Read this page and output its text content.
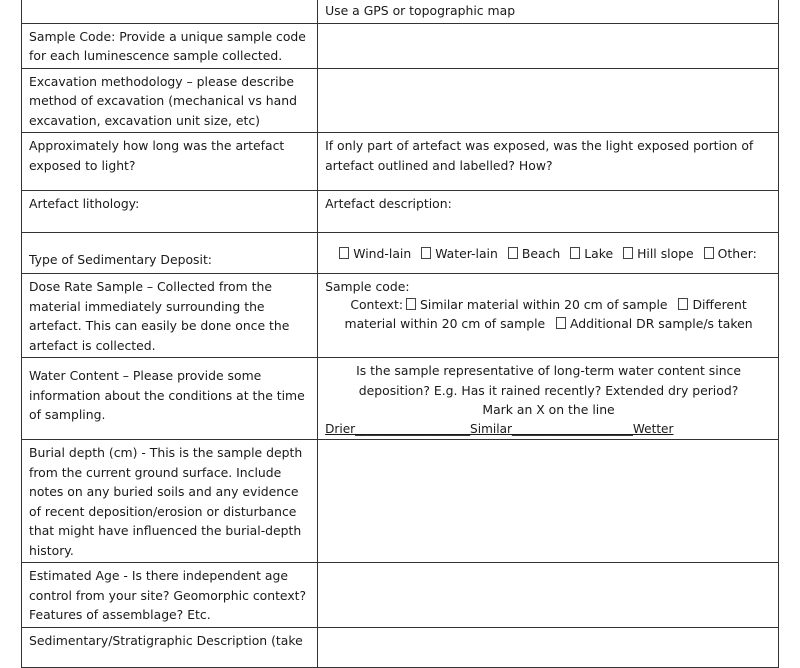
	Use a GPS or topographic map
Sample Code: Provide a unique sample code for each luminescence sample collected.	
Excavation methodology – please describe method of excavation (mechanical vs hand excavation, excavation unit size, etc)	
Approximately how long was the artefact exposed to light?	If only part of artefact was exposed, was the light exposed portion of artefact outlined and labelled? How?
Artefact lithology:	Artefact description:
Type of Sedimentary Deposit:	Wind-lain Water-lain Beach Lake Hill slope Other:
Dose Rate Sample – Collected from the material immediately surrounding the artefact. This can easily be done once the artefact is collected.	Sample code:
Context: Similar material within 20 cm of sample Different material within 20 cm of sample Additional DR sample/s taken

Water Content – Please provide some information about the conditions at the time of sampling.	Is the sample representative of long-term water content since deposition? E.g. Has it rained recently? Extended dry period?
Mark an X on the line
Drier___________________Similar____________________Wetter

Burial depth (cm) - This is the sample depth from the current ground surface. Include notes on any buried soils and any evidence of recent deposition/erosion or disturbance that might have influenced the burial-depth history.	
Estimated Age - Is there independent age control from your site? Geomorphic context? Features of assemblage? Etc.	
Sedimentary/Stratigraphic Description (take	
